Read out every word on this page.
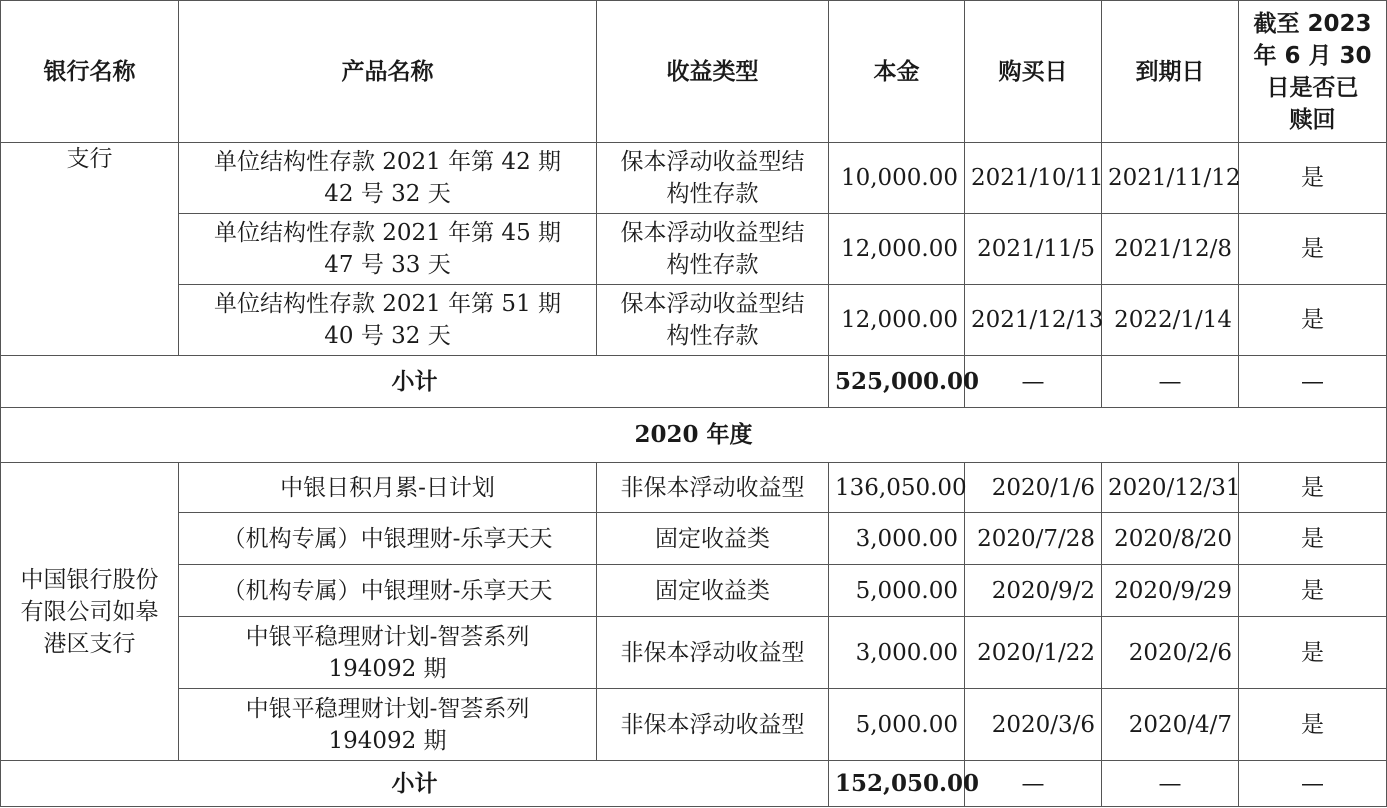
银行名称	产品名称	收益类型	本金	购买日	到期日	截至 2023
年 6 月 30
日是否已
赎回

支行	单位结构性存款 2021 年第 42 期
42 号 32 天	保本浮动收益型结
构性存款	10,000.00	2021/10/11	2021/11/12	是

	单位结构性存款 2021 年第 45 期
47 号 33 天	保本浮动收益型结
构性存款	12,000.00	2021/11/5	2021/12/8	是

	单位结构性存款 2021 年第 51 期
40 号 32 天	保本浮动收益型结
构性存款	12,000.00	2021/12/13	2022/1/14	是
小计			525,000.00	—	—	—
2020 年度						

中国银行股份
有限公司如皋
港区支行	中银日积月累-日计划	非保本浮动收益型	136,050.00	2020/1/6	2020/12/31	是
	（机构专属）中银理财-乐享天天	固定收益类	3,000.00	2020/7/28	2020/8/20	是
	（机构专属）中银理财-乐享天天	固定收益类	5,000.00	2020/9/2	2020/9/29	是

	中银平稳理财计划-智荟系列
194092 期	非保本浮动收益型	3,000.00	2020/1/22	2020/2/6	是

	中银平稳理财计划-智荟系列
194092 期	非保本浮动收益型	5,000.00	2020/3/6	2020/4/7	是
小计			152,050.00	—	—	—
